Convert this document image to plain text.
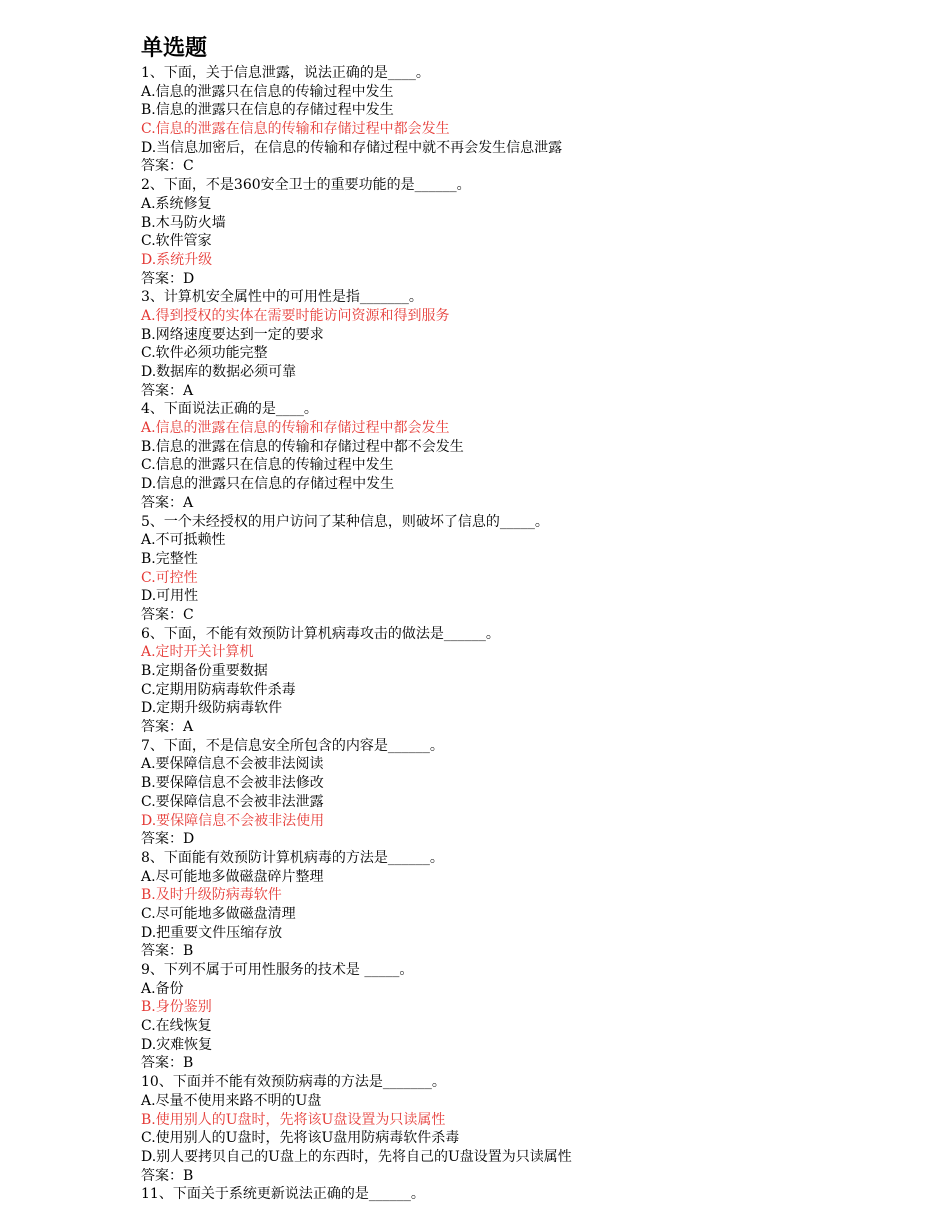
单选题
1、下面，关于信息泄露，说法正确的是____。
A.信息的泄露只在信息的传输过程中发生
B.信息的泄露只在信息的存储过程中发生
C.信息的泄露在信息的传输和存储过程中都会发生
D.当信息加密后，在信息的传输和存储过程中就不再会发生信息泄露
答案：C
2、下面，不是360安全卫士的重要功能的是______。
A.系统修复
B.木马防火墙
C.软件管家
D.系统升级
答案：D
3、计算机安全属性中的可用性是指_______。
A.得到授权的实体在需要时能访问资源和得到服务
B.网络速度要达到一定的要求
C.软件必须功能完整
D.数据库的数据必须可靠
答案：A
4、下面说法正确的是____。
A.信息的泄露在信息的传输和存储过程中都会发生
B.信息的泄露在信息的传输和存储过程中都不会发生
C.信息的泄露只在信息的传输过程中发生
D.信息的泄露只在信息的存储过程中发生
答案：A
5、一个未经授权的用户访问了某种信息，则破坏了信息的_____。
A.不可抵赖性
B.完整性
C.可控性
D.可用性
答案：C
6、下面，不能有效预防计算机病毒攻击的做法是______。
A.定时开关计算机
B.定期备份重要数据
C.定期用防病毒软件杀毒
D.定期升级防病毒软件
答案：A
7、下面，不是信息安全所包含的内容是______。
A.要保障信息不会被非法阅读
B.要保障信息不会被非法修改
C.要保障信息不会被非法泄露
D.要保障信息不会被非法使用
答案：D
8、下面能有效预防计算机病毒的方法是______。
A.尽可能地多做磁盘碎片整理
B.及时升级防病毒软件
C.尽可能地多做磁盘清理
D.把重要文件压缩存放
答案：B
9、下列不属于可用性服务的技术是 _____。
A.备份
B.身份鉴别
C.在线恢复
D.灾难恢复
答案：B
10、下面并不能有效预防病毒的方法是_______。
A.尽量不使用来路不明的U盘
B.使用别人的U盘时，先将该U盘设置为只读属性
C.使用别人的U盘时，先将该U盘用防病毒软件杀毒
D.别人要拷贝自己的U盘上的东西时，先将自己的U盘设置为只读属性
答案：B
11、下面关于系统更新说法正确的是______。
